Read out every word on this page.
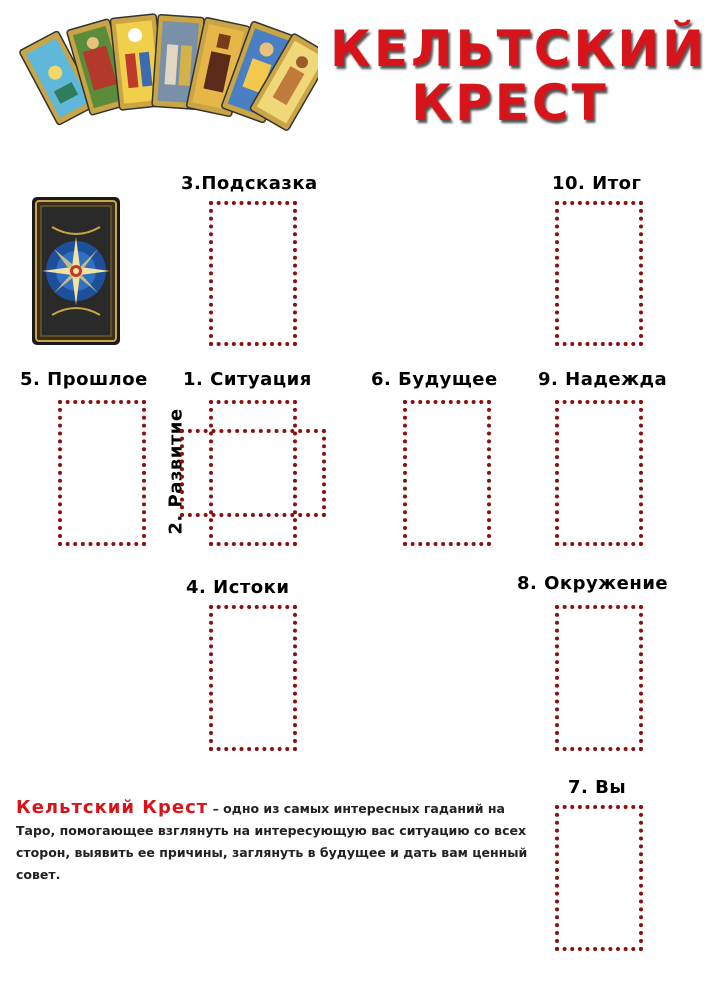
КЕЛЬТСКИЙ
КРЕСТ
3.Подсказка	10. Итог
5. Прошлое 1. Ситуация
2. Развитие
6. Будущее 9. Надежда
4. Истоки	8. Окружение
7. Вы
Кельтский Крест – одно из самых интересных гаданий на Таро, помогающее взглянуть на интересующую вас ситуацию со всех сторон, выявить ее причины, заглянуть в будущее и дать вам ценный совет.
